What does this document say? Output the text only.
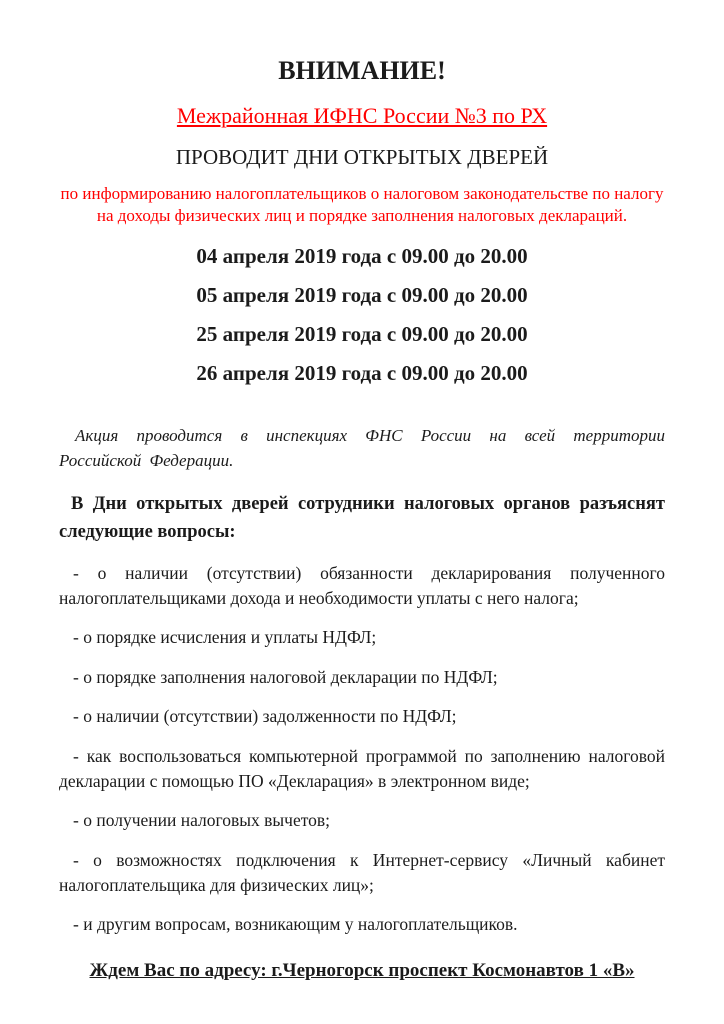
ВНИМАНИЕ!
Межрайонная ИФНС России №3 по РХ
ПРОВОДИТ ДНИ ОТКРЫТЫХ ДВЕРЕЙ
по информированию налогоплательщиков о налоговом законодательстве по налогу на доходы физических лиц и порядке заполнения налоговых деклараций.
04 апреля 2019 года с 09.00 до 20.00
05 апреля 2019 года с 09.00 до 20.00
25 апреля 2019 года с 09.00 до 20.00
26 апреля 2019 года с 09.00 до 20.00
Акция проводится в инспекциях ФНС России на всей территории Российской Федерации.
В Дни открытых дверей сотрудники налоговых органов разъяснят следующие вопросы:
- о наличии (отсутствии) обязанности декларирования полученного налогоплательщиками дохода и необходимости уплаты с него налога;
- о порядке исчисления и уплаты НДФЛ;
- о порядке заполнения налоговой декларации по НДФЛ;
- о наличии (отсутствии) задолженности по НДФЛ;
- как воспользоваться компьютерной программой по заполнению налоговой декларации с помощью ПО «Декларация» в электронном виде;
- о получении налоговых вычетов;
- о возможностях подключения к Интернет-сервису «Личный кабинет налогоплательщика для физических лиц»;
- и другим вопросам, возникающим у налогоплательщиков.
Ждем Вас по адресу: г.Черногорск проспект Космонавтов 1 «В»
